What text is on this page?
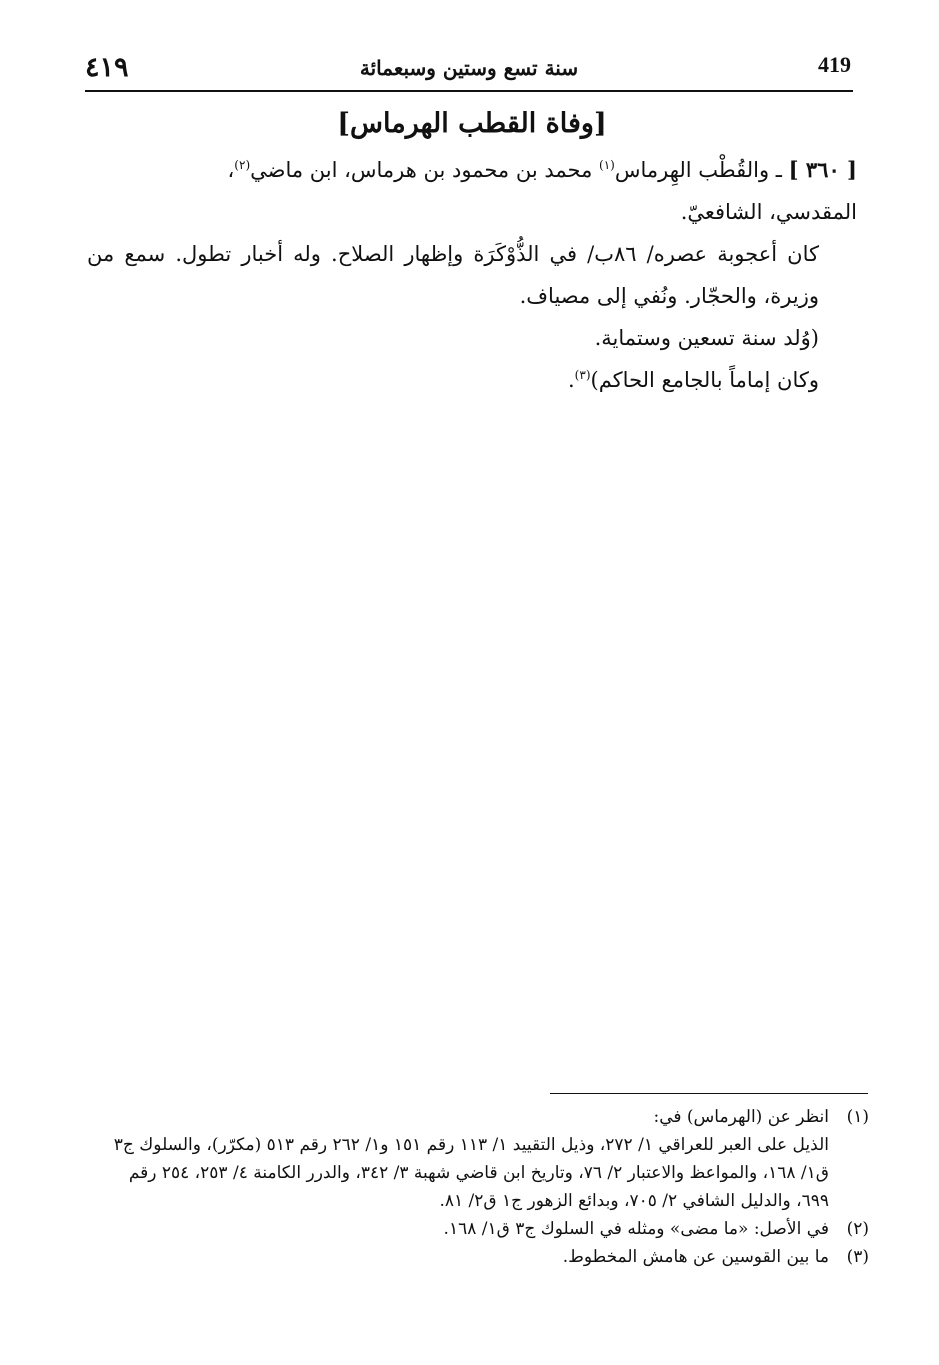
٤١٩	سنة تسع وستين وسبعمائة	419
[وفاة القطب الهرماس]

[ ٣٦٠ ] ـ والقُطْب الهِرماس$^{(١)}$ محمد بن محمود بن هرماس، ابن ماضي$^{(٢)}$،
المقدسي، الشافعيّ.

كان أعجوبة عصره/ ٨٦ب/ في الذُّوْكَرَة وإظهار الصلاح. وله أخبار تطول. سمع من وزيرة، والحجّار. ونُفي إلى مصياف.

(وُلد سنة تسعين وستماية.

وكان إماماً بالجامع الحاكم)$^{(٣)}$.

(١)
انظر عن (الهرماس) في:
الذيل على العبر للعراقي ١/ ٢٧٢، وذيل التقييد ١/ ١١٣ رقم ١٥١ و١/ ٢٦٢ رقم ٥١٣ (مكرّر)، والسلوك ج٣ ق١/ ١٦٨، والمواعظ والاعتبار ٢/ ٧٦، وتاريخ ابن قاضي شهبة ٣/ ٣٤٢، والدرر الكامنة ٤/ ٢٥٣، ٢٥٤ رقم ٦٩٩، والدليل الشافي ٢/ ٧٠٥، وبدائع الزهور ج١ ق٢/ ٨١.
(٢)
في الأصل: «ما مضى» ومثله في السلوك ج٣ ق١/ ١٦٨.
(٣)
ما بين القوسين عن هامش المخطوط.
